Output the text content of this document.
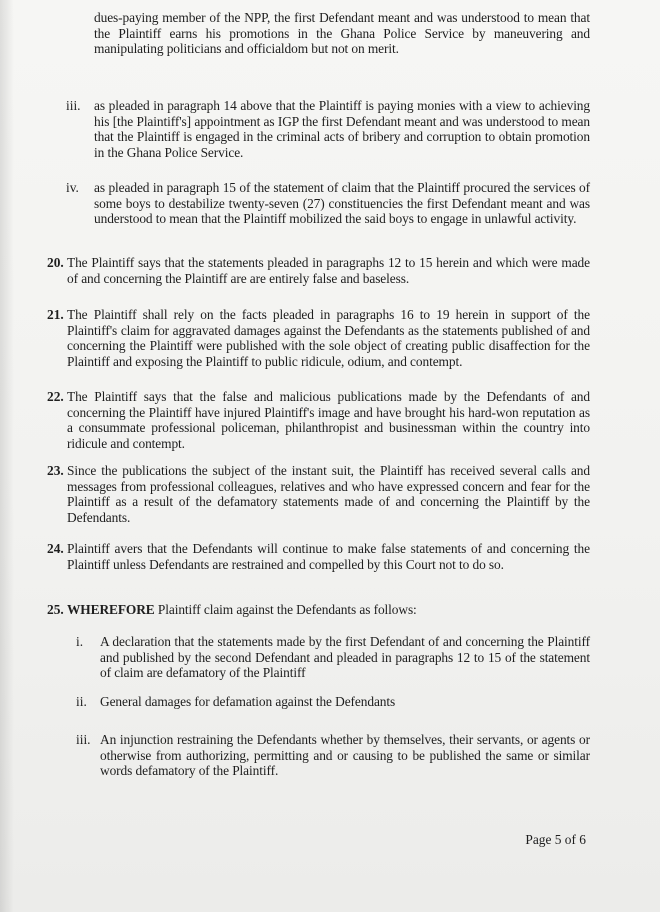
dues-paying member of the NPP, the first Defendant meant and was understood to mean that the Plaintiff earns his promotions in the Ghana Police Service by maneuvering and manipulating politicians and officialdom but not on merit.
iii. as pleaded in paragraph 14 above that the Plaintiff is paying monies with a view to achieving his [the Plaintiff's] appointment as IGP the first Defendant meant and was understood to mean that the Plaintiff is engaged in the criminal acts of bribery and corruption to obtain promotion in the Ghana Police Service.
iv. as pleaded in paragraph 15 of the statement of claim that the Plaintiff procured the services of some boys to destabilize twenty-seven (27) constituencies the first Defendant meant and was understood to mean that the Plaintiff mobilized the said boys to engage in unlawful activity.
20. The Plaintiff says that the statements pleaded in paragraphs 12 to 15 herein and which were made of and concerning the Plaintiff are are entirely false and baseless.
21. The Plaintiff shall rely on the facts pleaded in paragraphs 16 to 19 herein in support of the Plaintiff's claim for aggravated damages against the Defendants as the statements published of and concerning the Plaintiff were published with the sole object of creating public disaffection for the Plaintiff and exposing the Plaintiff to public ridicule, odium, and contempt.
22. The Plaintiff says that the false and malicious publications made by the Defendants of and concerning the Plaintiff have injured Plaintiff's image and have brought his hard-won reputation as a consummate professional policeman, philanthropist and businessman within the country into ridicule and contempt.
23. Since the publications the subject of the instant suit, the Plaintiff has received several calls and messages from professional colleagues, relatives and who have expressed concern and fear for the Plaintiff as a result of the defamatory statements made of and concerning the Plaintiff by the Defendants.
24. Plaintiff avers that the Defendants will continue to make false statements of and concerning the Plaintiff unless Defendants are restrained and compelled by this Court not to do so.
25. WHEREFORE Plaintiff claim against the Defendants as follows:
i. A declaration that the statements made by the first Defendant of and concerning the Plaintiff and published by the second Defendant and pleaded in paragraphs 12 to 15 of the statement of claim are defamatory of the Plaintiff
ii. General damages for defamation against the Defendants
iii. An injunction restraining the Defendants whether by themselves, their servants, or agents or otherwise from authorizing, permitting and or causing to be published the same or similar words defamatory of the Plaintiff.
Page 5 of 6
